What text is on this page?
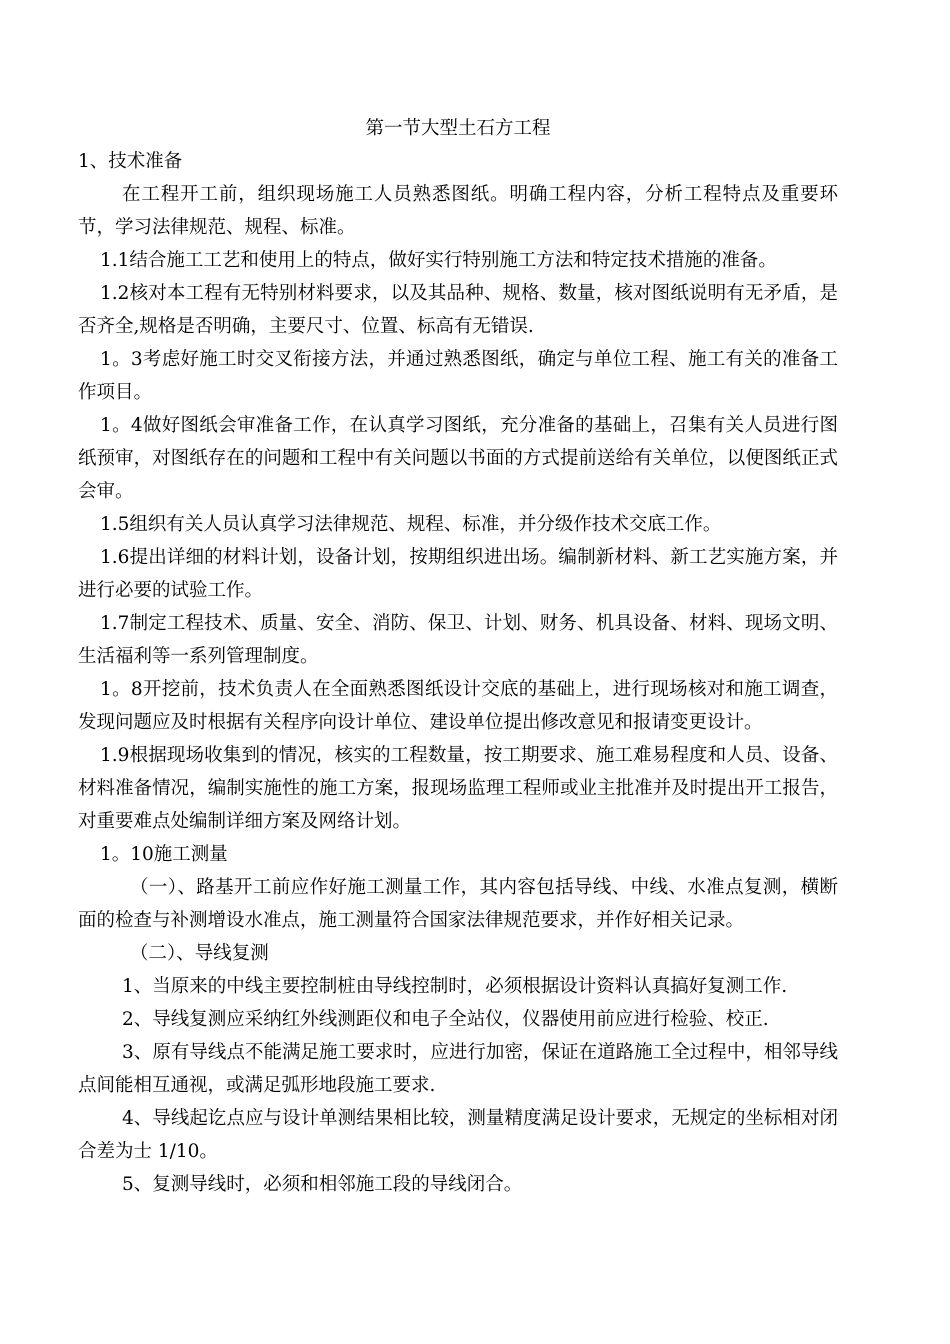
第一节大型土石方工程

1、技术准备

在工程开工前，组织现场施工人员熟悉图纸。明确工程内容，分析工程特点及重要环节，学习法律规范、规程、标准。

1.1结合施工工艺和使用上的特点，做好实行特别施工方法和特定技术措施的准备。

1.2核对本工程有无特别材料要求，以及其品种、规格、数量，核对图纸说明有无矛盾，是否齐全,规格是否明确，主要尺寸、位置、标高有无错误.

1。3考虑好施工时交叉衔接方法，并通过熟悉图纸，确定与单位工程、施工有关的准备工作项目。

1。4做好图纸会审准备工作，在认真学习图纸，充分准备的基础上，召集有关人员进行图纸预审，对图纸存在的问题和工程中有关问题以书面的方式提前送给有关单位，以便图纸正式会审。

1.5组织有关人员认真学习法律规范、规程、标准，并分级作技术交底工作。

1.6提出详细的材料计划，设备计划，按期组织进出场。编制新材料、新工艺实施方案，并进行必要的试验工作。

1.7制定工程技术、质量、安全、消防、保卫、计划、财务、机具设备、材料、现场文明、生活福利等一系列管理制度。

1。8开挖前，技术负责人在全面熟悉图纸设计交底的基础上，进行现场核对和施工调查，发现问题应及时根据有关程序向设计单位、建设单位提出修改意见和报请变更设计。

1.9根据现场收集到的情况，核实的工程数量，按工期要求、施工难易程度和人员、设备、材料准备情况，编制实施性的施工方案，报现场监理工程师或业主批准并及时提出开工报告，对重要难点处编制详细方案及网络计划。

1。10施工测量

（一）、路基开工前应作好施工测量工作，其内容包括导线、中线、水准点复测，横断面的检查与补测增设水准点，施工测量符合国家法律规范要求，并作好相关记录。

（二）、导线复测

1、当原来的中线主要控制桩由导线控制时，必须根据设计资料认真搞好复测工作.

2、导线复测应采纳红外线测距仪和电子全站仪，仪器使用前应进行检验、校正.

3、原有导线点不能满足施工要求时，应进行加密，保证在道路施工全过程中，相邻导线点间能相互通视，或满足弧形地段施工要求.

4、导线起讫点应与设计单测结果相比较，测量精度满足设计要求，无规定的坐标相对闭合差为士 1/10。

5、复测导线时，必须和相邻施工段的导线闭合。
